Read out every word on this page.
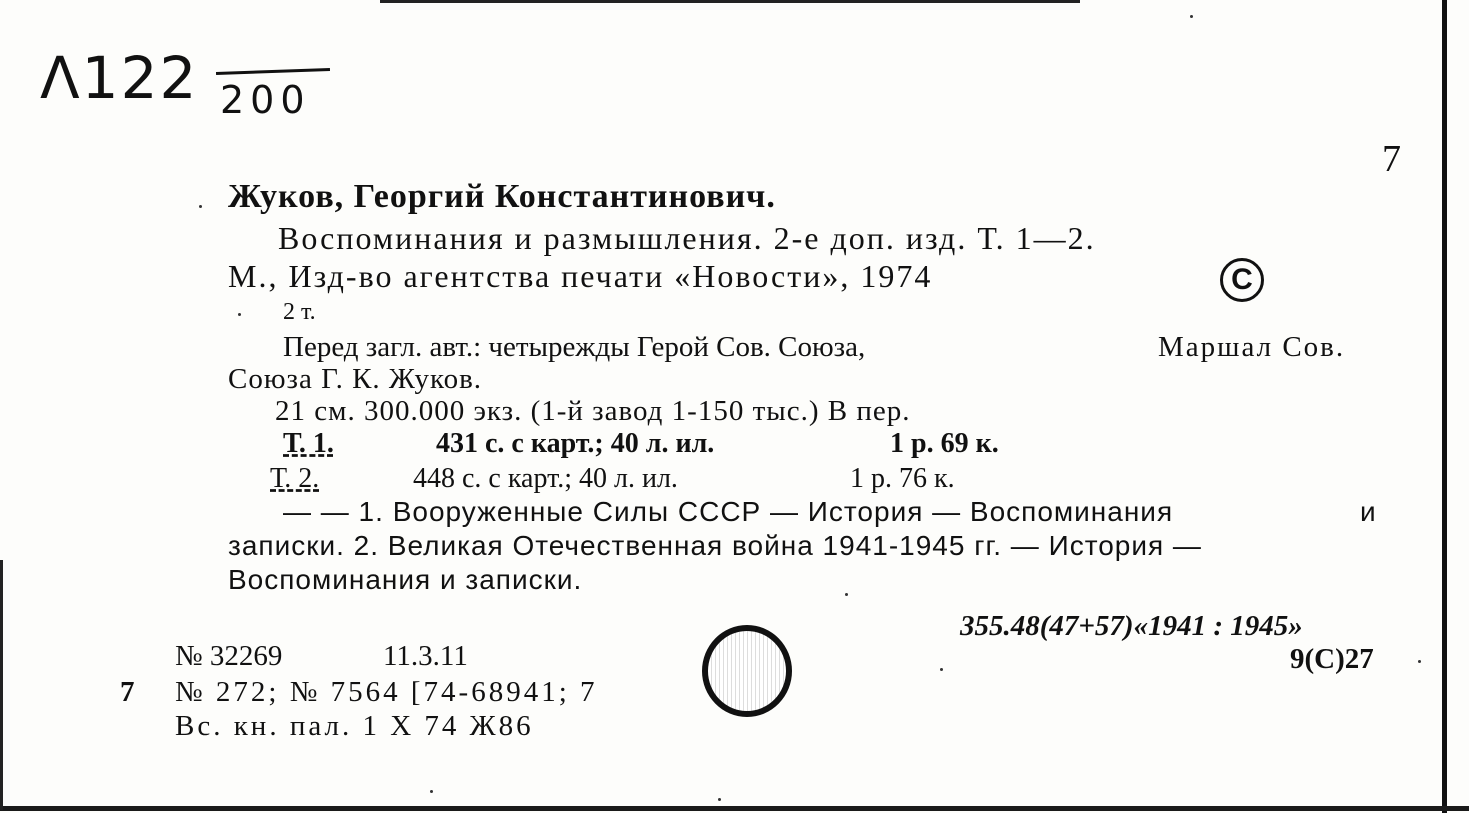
Λ122 200
7
Жуков, Георгий Константинович.
Воспоминания и размышления. 2-е доп. изд. Т. 1—2.
М., Изд-во агентства печати «Новости», 1974	C
2 т.
Перед загл. авт.: четырежды Герой Сов. Союза,	Маршал Сов.
Союза Г. К. Жуков.
21 см. 300.000 экз. (1-й завод 1-150 тыс.) В пер.
Т. 1.	431 с. с карт.; 40 л. ил.	1 р. 69 к.
Т. 2.	448 с. с карт.; 40 л. ил.	1 р. 76 к.
— — 1. Вооруженные Силы СССР — История — Воспоминания	и
записки. 2. Великая Отечественная война 1941-1945 гг. — История —
Воспоминания и записки.
355.48(47+57)«1941 : 1945»
9(С)27
№ 32269	11.3.11
7 № 272; № 7564 [74-68941; 7
Вс. кн. пал. 1 X 74 Ж86
